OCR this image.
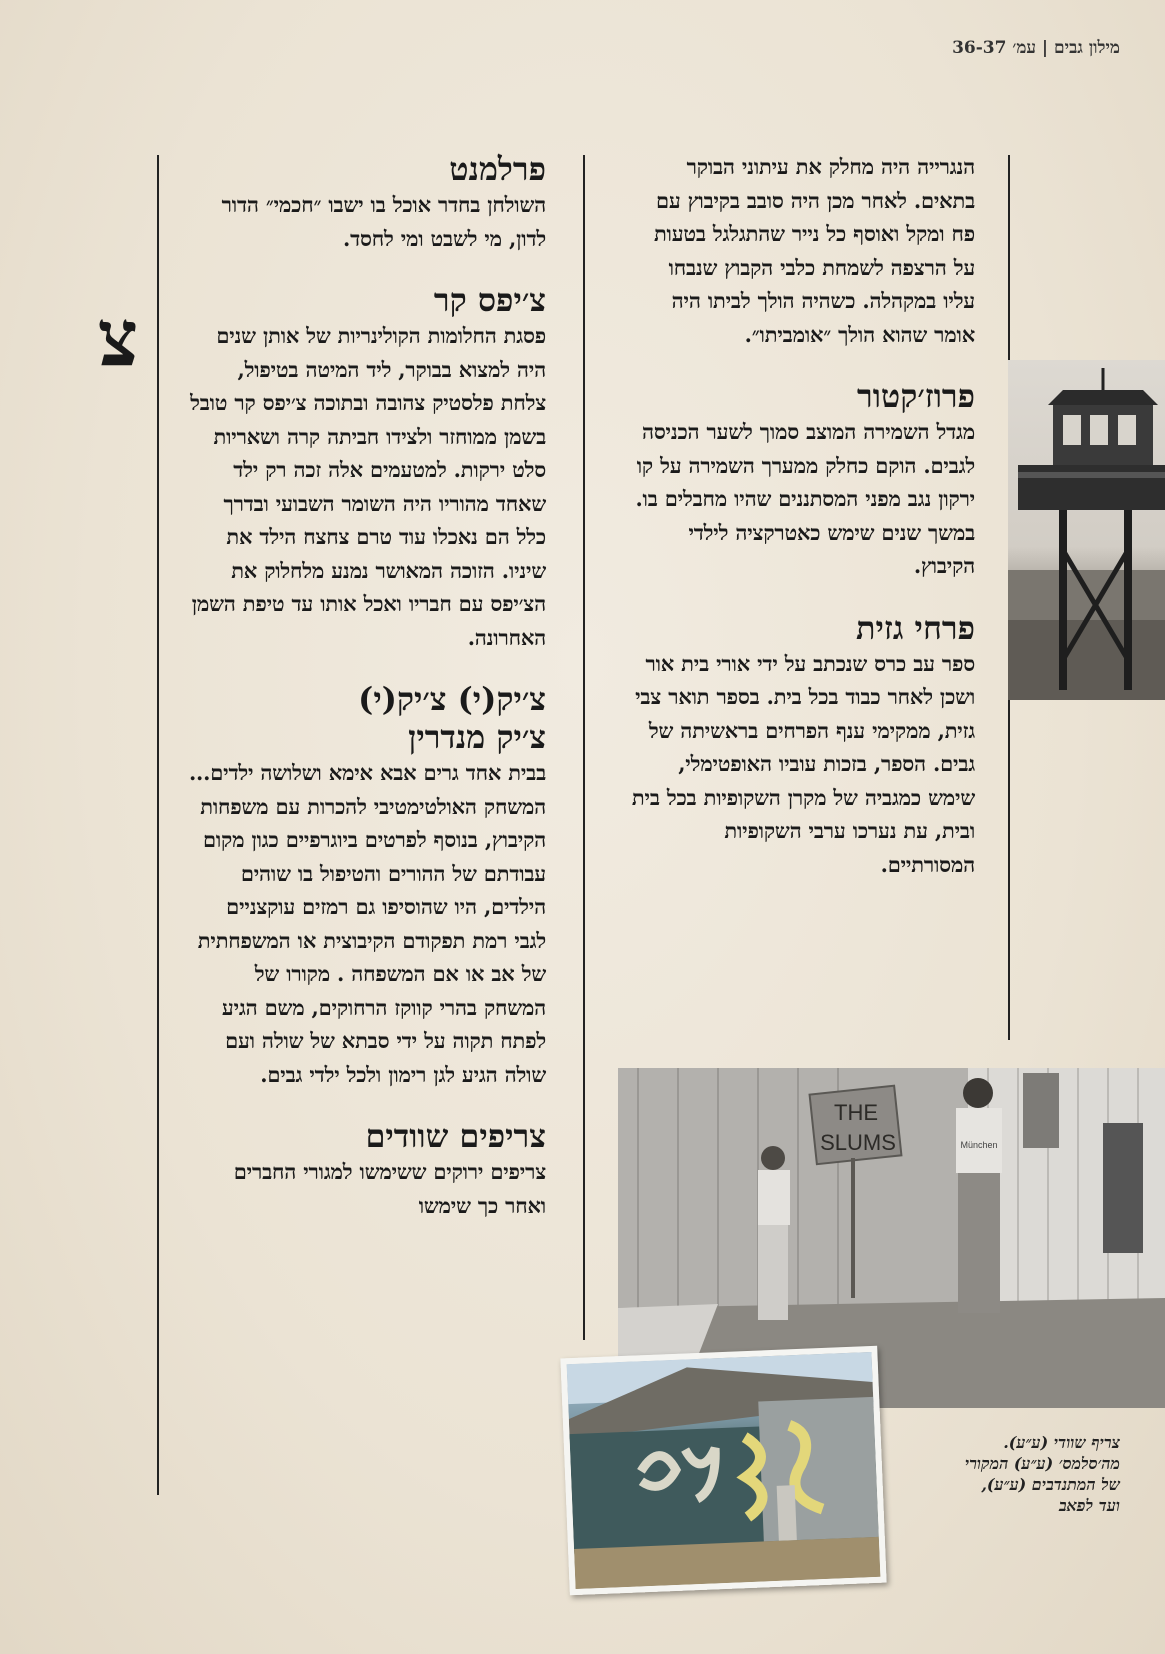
מילון גבים | עמ׳ 36-37
צ

הנגרייה היה מחלק את עיתוני הבוקר בתאים. לאחר מכן היה סובב בקיבוץ עם פח ומקל ואוסף כל נייר שהתגלגל בטעות על הרצפה לשמחת כלבי הקבוץ שנבחו עליו במקהלה. כשהיה הולך לביתו היה אומר שהוא הולך ״אומביתו״.

פרוז׳קטור

מגדל השמירה המוצב סמוך לשער הכניסה לגבים. הוקם כחלק ממערך השמירה על קו ירקון נגב מפני המסתננים שהיו מחבלים בו. במשך שנים שימש כאטרקציה לילדי הקיבוץ.

פרחי גזית

ספר עב כרס שנכתב על ידי אורי בית אור ושכן לאחר כבוד בכל בית. בספר תואר צבי גזית, ממקימי ענף הפרחים בראשיתה של גבים. הספר, בזכות עוביו האופטימלי, שימש כמגביה של מקרן השקופיות בכל בית ובית, עת נערכו ערבי השקופיות המסורתיים.

פרלמנט

השולחן בחדר אוכל בו ישבו ״חכמי״ הדור לדון, מי לשבט ומי לחסד.

צ׳יפס קר

פסגת החלומות הקולינריות של אותן שנים היה למצוא בבוקר, ליד המיטה בטיפול, צלחת פלסטיק צהובה ובתוכה צ׳יפס קר טובל בשמן ממוחזר ולצידו חביתה קרה ושאריות סלט ירקות. למטעמים אלה זכה רק ילד שאחד מהוריו היה השומר השבועי ובדרך כלל הם נאכלו עוד טרם צחצח הילד את שיניו. הזוכה המאושר נמנע מלחלוק את הצ׳יפס עם חבריו ואכל אותו עד טיפת השמן האחרונה.

צ׳יק(י) צ׳יק(י)
צ׳יק מנדרין

בבית אחד גרים אבא אימא ושלושה ילדים... המשחק האולטימטיבי להכרות עם משפחות הקיבוץ, בנוסף לפרטים ביוגרפיים כגון מקום עבודתם של ההורים והטיפול בו שוהים הילדים, היו שהוסיפו גם רמזים עוקצניים לגבי רמת תפקודם הקיבוצית או המשפחתית של אב או אם המשפחה . מקורו של המשחק בהרי קווקז הרחוקים, משם הגיע לפתח תקוה על ידי סבתא של שולה ועם שולה הגיע לגן רימון ולכל ילדי גבים.

צריפים שוודים

צריפים ירוקים ששימשו למגורי החברים ואחר כך שימשו

THE
SLUMS	München
צריף שוודי (ע״ע).
מה׳סלמס׳ (ע״ע) המקורי
של המתנדבים (ע״ע),
ועד לפאב
